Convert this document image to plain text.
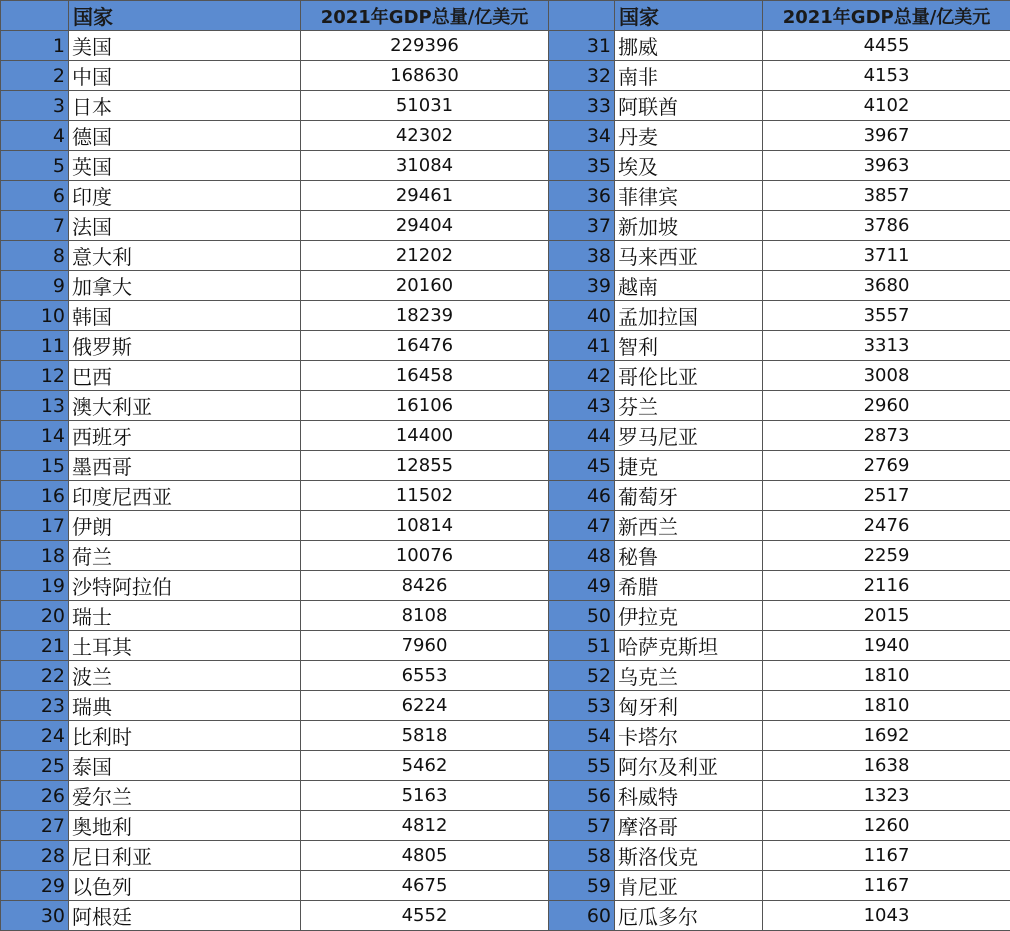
	国家	2021年GDP总量/亿美元
1	美国	229396
2	中国	168630
3	日本	51031
4	德国	42302
5	英国	31084
6	印度	29461
7	法国	29404
8	意大利	21202
9	加拿大	20160
10	韩国	18239
11	俄罗斯	16476
12	巴西	16458
13	澳大利亚	16106
14	西班牙	14400
15	墨西哥	12855
16	印度尼西亚	11502
17	伊朗	10814
18	荷兰	10076
19	沙特阿拉伯	8426
20	瑞士	8108
21	土耳其	7960
22	波兰	6553
23	瑞典	6224
24	比利时	5818
25	泰国	5462
26	爱尔兰	5163
27	奥地利	4812
28	尼日利亚	4805
29	以色列	4675
30	阿根廷	4552
	国家	2021年GDP总量/亿美元
31	挪威	4455
32	南非	4153
33	阿联酋	4102
34	丹麦	3967
35	埃及	3963
36	菲律宾	3857
37	新加坡	3786
38	马来西亚	3711
39	越南	3680
40	孟加拉国	3557
41	智利	3313
42	哥伦比亚	3008
43	芬兰	2960
44	罗马尼亚	2873
45	捷克	2769
46	葡萄牙	2517
47	新西兰	2476
48	秘鲁	2259
49	希腊	2116
50	伊拉克	2015
51	哈萨克斯坦	1940
52	乌克兰	1810
53	匈牙利	1810
54	卡塔尔	1692
55	阿尔及利亚	1638
56	科威特	1323
57	摩洛哥	1260
58	斯洛伐克	1167
59	肯尼亚	1167
60	厄瓜多尔	1043
